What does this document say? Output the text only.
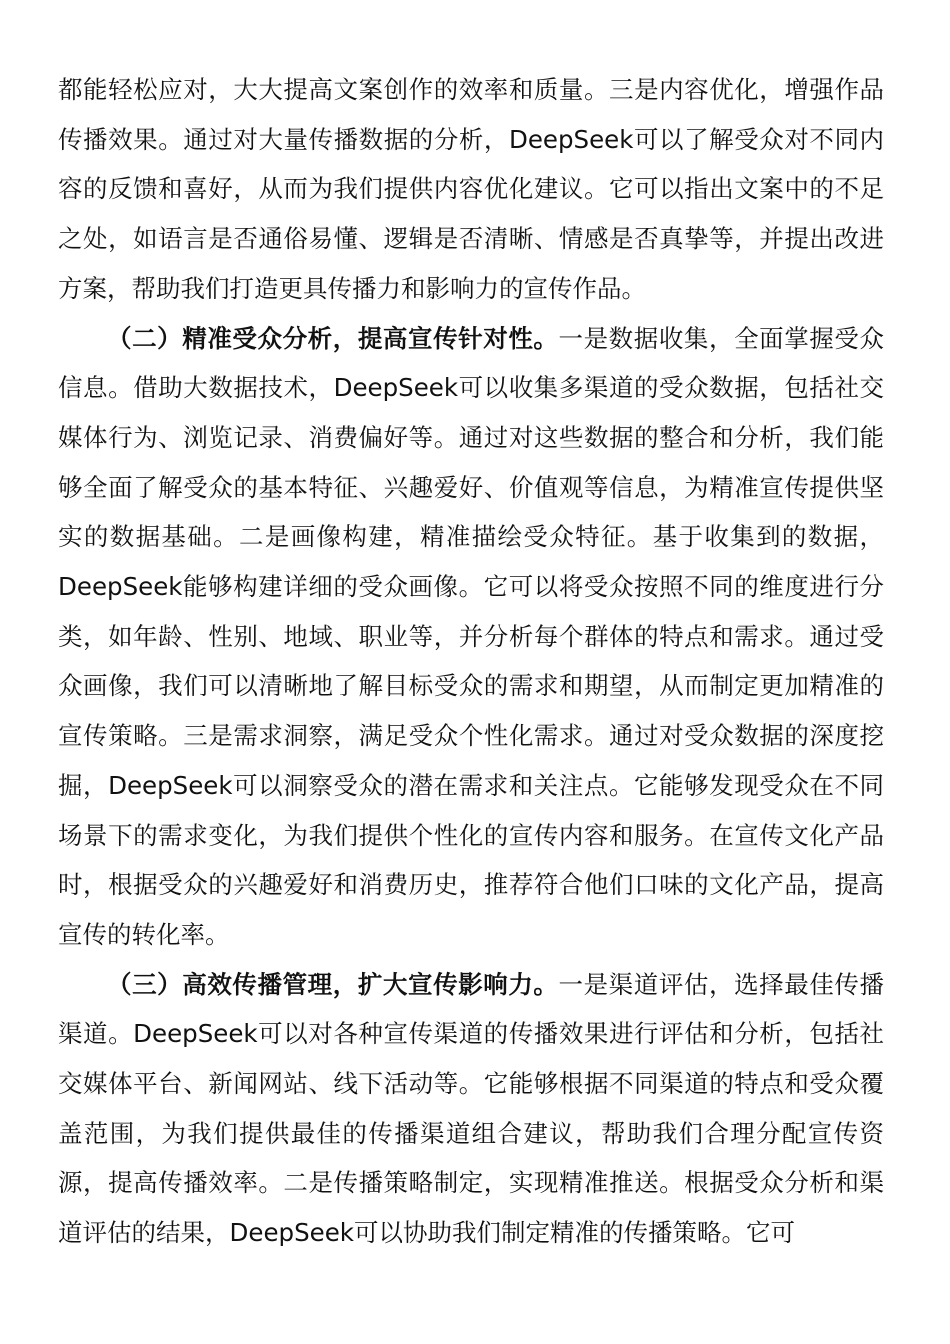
都能轻松应对，大大提高文案创作的效率和质量。三是内容优化，增强作品传播效果。通过对大量传播数据的分析，DeepSeek可以了解受众对不同内容的反馈和喜好，从而为我们提供内容优化建议。它可以指出文案中的不足之处，如语言是否通俗易懂、逻辑是否清晰、情感是否真挚等，并提出改进方案，帮助我们打造更具传播力和影响力的宣传作品。

（二）精准受众分析，提高宣传针对性。一是数据收集，全面掌握受众信息。借助大数据技术，DeepSeek可以收集多渠道的受众数据，包括社交媒体行为、浏览记录、消费偏好等。通过对这些数据的整合和分析，我们能够全面了解受众的基本特征、兴趣爱好、价值观等信息，为精准宣传提供坚实的数据基础。二是画像构建，精准描绘受众特征。基于收集到的数据，DeepSeek能够构建详细的受众画像。它可以将受众按照不同的维度进行分类，如年龄、性别、地域、职业等，并分析每个群体的特点和需求。通过受众画像，我们可以清晰地了解目标受众的需求和期望，从而制定更加精准的宣传策略。三是需求洞察，满足受众个性化需求。通过对受众数据的深度挖掘，DeepSeek可以洞察受众的潜在需求和关注点。它能够发现受众在不同场景下的需求变化，为我们提供个性化的宣传内容和服务。在宣传文化产品时，根据受众的兴趣爱好和消费历史，推荐符合他们口味的文化产品，提高宣传的转化率。

（三）高效传播管理，扩大宣传影响力。一是渠道评估，选择最佳传播渠道。DeepSeek可以对各种宣传渠道的传播效果进行评估和分析，包括社交媒体平台、新闻网站、线下活动等。它能够根据不同渠道的特点和受众覆盖范围，为我们提供最佳的传播渠道组合建议，帮助我们合理分配宣传资源，提高传播效率。二是传播策略制定，实现精准推送。根据受众分析和渠道评估的结果，DeepSeek可以协助我们制定精准的传播策略。它可
